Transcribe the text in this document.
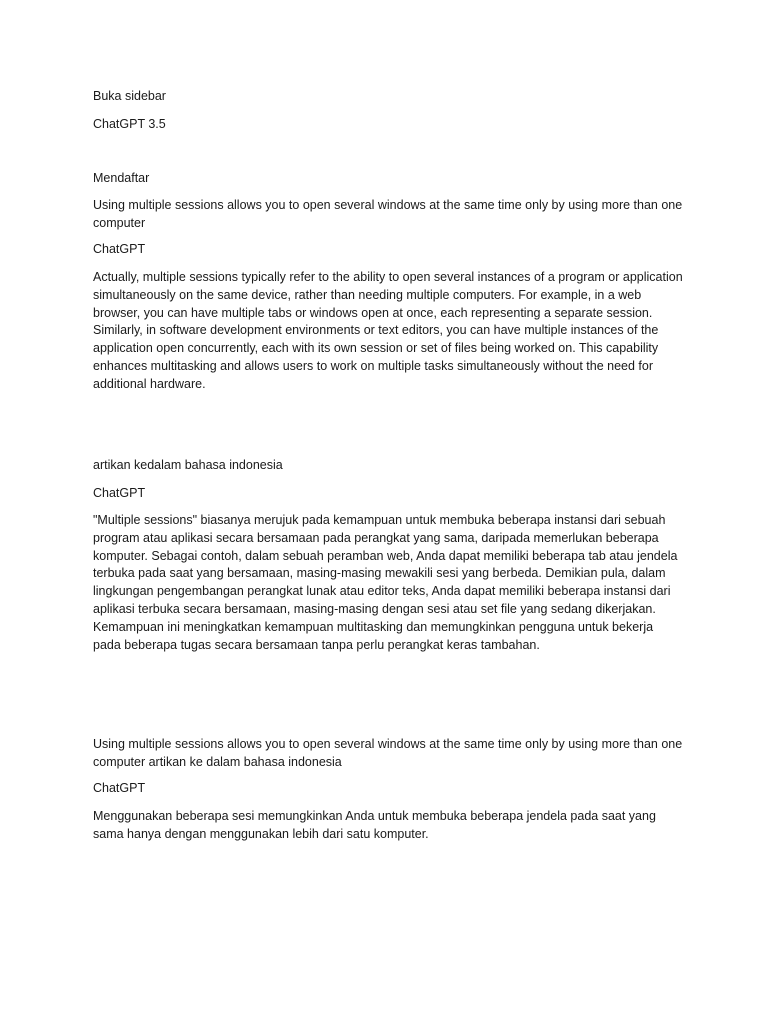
Buka sidebar

ChatGPT 3.5

Mendaftar

Using multiple sessions allows you to open several windows at the same time only by using more than one computer

ChatGPT

Actually, multiple sessions typically refer to the ability to open several instances of a program or application simultaneously on the same device, rather than needing multiple computers. For example, in a web browser, you can have multiple tabs or windows open at once, each representing a separate session. Similarly, in software development environments or text editors, you can have multiple instances of the application open concurrently, each with its own session or set of files being worked on. This capability enhances multitasking and allows users to work on multiple tasks simultaneously without the need for additional hardware.

artikan kedalam bahasa indonesia

ChatGPT

"Multiple sessions" biasanya merujuk pada kemampuan untuk membuka beberapa instansi dari sebuah program atau aplikasi secara bersamaan pada perangkat yang sama, daripada memerlukan beberapa komputer. Sebagai contoh, dalam sebuah peramban web, Anda dapat memiliki beberapa tab atau jendela terbuka pada saat yang bersamaan, masing-masing mewakili sesi yang berbeda. Demikian pula, dalam lingkungan pengembangan perangkat lunak atau editor teks, Anda dapat memiliki beberapa instansi dari aplikasi terbuka secara bersamaan, masing-masing dengan sesi atau set file yang sedang dikerjakan. Kemampuan ini meningkatkan kemampuan multitasking dan memungkinkan pengguna untuk bekerja pada beberapa tugas secara bersamaan tanpa perlu perangkat keras tambahan.

Using multiple sessions allows you to open several windows at the same time only by using more than one computer artikan ke dalam bahasa indonesia

ChatGPT

Menggunakan beberapa sesi memungkinkan Anda untuk membuka beberapa jendela pada saat yang sama hanya dengan menggunakan lebih dari satu komputer.
